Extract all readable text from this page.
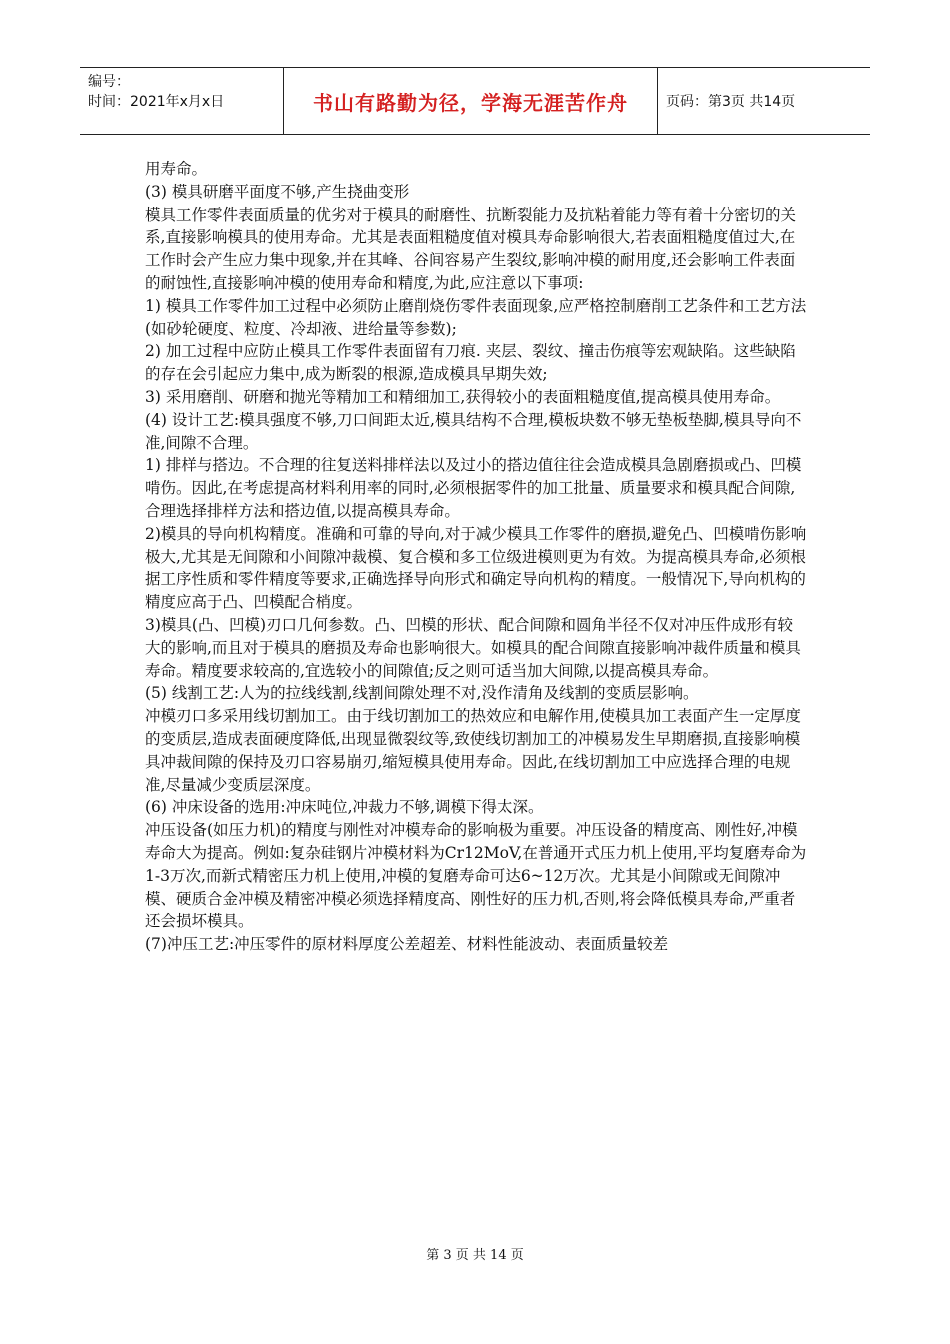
编号：
时间：2021年x月x日	书山有路勤为径，学海无涯苦作舟	页码：第3页 共14页

用寿命。

(3) 模具研磨平面度不够,产生挠曲变形

模具工作零件表面质量的优劣对于模具的耐磨性、抗断裂能力及抗粘着能力等有着十分密切的关系,直接影响模具的使用寿命。尤其是表面粗糙度值对模具寿命影响很大,若表面粗糙度值过大,在工作时会产生应力集中现象,并在其峰、谷间容易产生裂纹,影响冲模的耐用度,还会影响工件表面的耐蚀性,直接影响冲模的使用寿命和精度,为此,应注意以下事项:

1) 模具工作零件加工过程中必须防止磨削烧伤零件表面现象,应严格控制磨削工艺条件和工艺方法(如砂轮硬度、粒度、冷却液、进给量等参数);

2) 加工过程中应防止模具工作零件表面留有刀痕. 夹层、裂纹、撞击伤痕等宏观缺陷。这些缺陷的存在会引起应力集中,成为断裂的根源,造成模具早期失效;

3) 采用磨削、研磨和抛光等精加工和精细加工,获得较小的表面粗糙度值,提高模具使用寿命。

(4) 设计工艺:模具强度不够,刀口间距太近,模具结构不合理,模板块数不够无垫板垫脚,模具导向不准,间隙不合理。

1) 排样与搭边。不合理的往复送料排样法以及过小的搭边值往往会造成模具急剧磨损或凸、凹模啃伤。因此,在考虑提高材料利用率的同时,必须根据零件的加工批量、质量要求和模具配合间隙,合理选择排样方法和搭边值,以提高模具寿命。

2)模具的导向机构精度。准确和可靠的导向,对于减少模具工作零件的磨损,避免凸、凹模啃伤影响极大,尤其是无间隙和小间隙冲裁模、复合模和多工位级进模则更为有效。为提高模具寿命,必须根据工序性质和零件精度等要求,正确选择导向形式和确定导向机构的精度。一般情况下,导向机构的精度应高于凸、凹模配合梢度。

3)模具(凸、凹模)刃口几何参数。凸、凹模的形状、配合间隙和圆角半径不仅对冲压件成形有较大的影响,而且对于模具的磨损及寿命也影响很大。如模具的配合间隙直接影响冲裁件质量和模具寿命。精度要求较高的,宜选较小的间隙值;反之则可适当加大间隙,以提高模具寿命。

(5) 线割工艺:人为的拉线线割,线割间隙处理不对,没作清角及线割的变质层影响。

冲模刃口多采用线切割加工。由于线切割加工的热效应和电解作用,使模具加工表面产生一定厚度的变质层,造成表面硬度降低,出现显微裂纹等,致使线切割加工的冲模易发生早期磨损,直接影响模具冲裁间隙的保持及刃口容易崩刃,缩短模具使用寿命。因此,在线切割加工中应选择合理的电规准,尽量减少变质层深度。

(6) 冲床设备的选用:冲床吨位,冲裁力不够,调模下得太深。

冲压设备(如压力机)的精度与刚性对冲模寿命的影响极为重要。冲压设备的精度高、刚性好,冲模寿命大为提高。例如:复杂硅钢片冲模材料为Cr12MoV,在普通开式压力机上使用,平均复磨寿命为1-3万次,而新式精密压力机上使用,冲模的复磨寿命可达6~12万次。尤其是小间隙或无间隙冲模、硬质合金冲模及精密冲模必须选择精度高、刚性好的压力机,否则,将会降低模具寿命,严重者还会损坏模具。

(7)冲压工艺:冲压零件的原材料厚度公差超差、材料性能波动、表面质量较差

第 3 页 共 14 页
